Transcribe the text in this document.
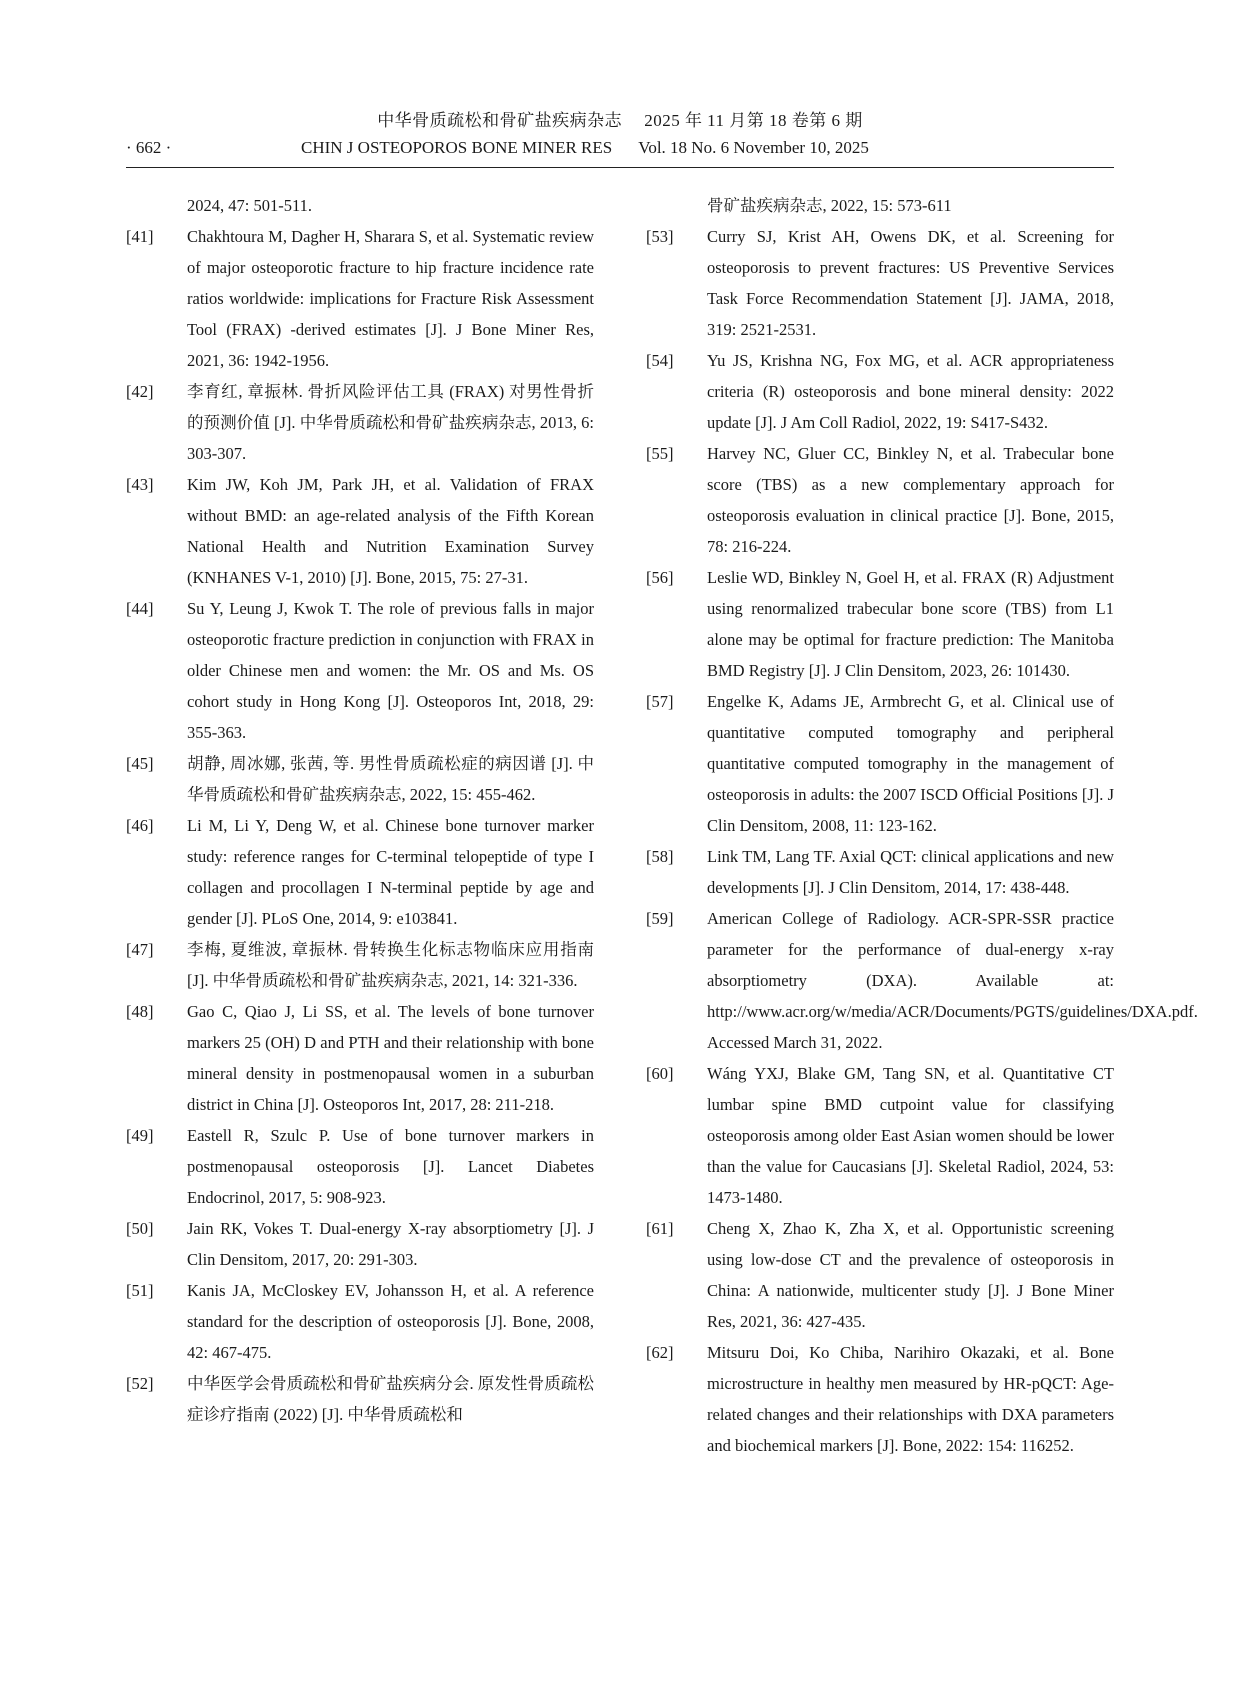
中华骨质疏松和骨矿盐疾病杂志 2025 年 11 月第 18 卷第 6 期
· 662 ·	CHIN J OSTEOPOROS BONE MINER RES Vol. 18 No. 6 November 10, 2025
2024, 47: 501-511.
[41] Chakhtoura M, Dagher H, Sharara S, et al. Systematic review of major osteoporotic fracture to hip fracture incidence rate ratios worldwide: implications for Fracture Risk Assessment Tool (FRAX) -derived estimates [J]. J Bone Miner Res, 2021, 36: 1942-1956.
[42] 李育红, 章振林. 骨折风险评估工具 (FRAX) 对男性骨折的预测价值 [J]. 中华骨质疏松和骨矿盐疾病杂志, 2013, 6: 303-307.
[43] Kim JW, Koh JM, Park JH, et al. Validation of FRAX without BMD: an age-related analysis of the Fifth Korean National Health and Nutrition Examination Survey (KNHANES V-1, 2010) [J]. Bone, 2015, 75: 27-31.
[44] Su Y, Leung J, Kwok T. The role of previous falls in major osteoporotic fracture prediction in conjunction with FRAX in older Chinese men and women: the Mr. OS and Ms. OS cohort study in Hong Kong [J]. Osteoporos Int, 2018, 29: 355-363.
[45] 胡静, 周冰娜, 张茜, 等. 男性骨质疏松症的病因谱 [J]. 中华骨质疏松和骨矿盐疾病杂志, 2022, 15: 455-462.
[46] Li M, Li Y, Deng W, et al. Chinese bone turnover marker study: reference ranges for C-terminal telopeptide of type I collagen and procollagen I N-terminal peptide by age and gender [J]. PLoS One, 2014, 9: e103841.
[47] 李梅, 夏维波, 章振林. 骨转换生化标志物临床应用指南 [J]. 中华骨质疏松和骨矿盐疾病杂志, 2021, 14: 321-336.
[48] Gao C, Qiao J, Li SS, et al. The levels of bone turnover markers 25 (OH) D and PTH and their relationship with bone mineral density in postmenopausal women in a suburban district in China [J]. Osteoporos Int, 2017, 28: 211-218.
[49] Eastell R, Szulc P. Use of bone turnover markers in postmenopausal osteoporosis [J]. Lancet Diabetes Endocrinol, 2017, 5: 908-923.
[50] Jain RK, Vokes T. Dual-energy X-ray absorptiometry [J]. J Clin Densitom, 2017, 20: 291-303.
[51] Kanis JA, McCloskey EV, Johansson H, et al. A reference standard for the description of osteoporosis [J]. Bone, 2008, 42: 467-475.
[52] 中华医学会骨质疏松和骨矿盐疾病分会. 原发性骨质疏松症诊疗指南 (2022) [J]. 中华骨质疏松和
骨矿盐疾病杂志, 2022, 15: 573-611
[53] Curry SJ, Krist AH, Owens DK, et al. Screening for osteoporosis to prevent fractures: US Preventive Services Task Force Recommendation Statement [J]. JAMA, 2018, 319: 2521-2531.
[54] Yu JS, Krishna NG, Fox MG, et al. ACR appropriateness criteria (R) osteoporosis and bone mineral density: 2022 update [J]. J Am Coll Radiol, 2022, 19: S417-S432.
[55] Harvey NC, Gluer CC, Binkley N, et al. Trabecular bone score (TBS) as a new complementary approach for osteoporosis evaluation in clinical practice [J]. Bone, 2015, 78: 216-224.
[56] Leslie WD, Binkley N, Goel H, et al. FRAX (R) Adjustment using renormalized trabecular bone score (TBS) from L1 alone may be optimal for fracture prediction: The Manitoba BMD Registry [J]. J Clin Densitom, 2023, 26: 101430.
[57] Engelke K, Adams JE, Armbrecht G, et al. Clinical use of quantitative computed tomography and peripheral quantitative computed tomography in the management of osteoporosis in adults: the 2007 ISCD Official Positions [J]. J Clin Densitom, 2008, 11: 123-162.
[58] Link TM, Lang TF. Axial QCT: clinical applications and new developments [J]. J Clin Densitom, 2014, 17: 438-448.
[59] American College of Radiology. ACR-SPR-SSR practice parameter for the performance of dual-energy x-ray absorptiometry (DXA). Available at: http://www.acr.org/w/media/ACR/Documents/PGTS/guidelines/DXA.pdf. Accessed March 31, 2022.
[60] Wáng YXJ, Blake GM, Tang SN, et al. Quantitative CT lumbar spine BMD cutpoint value for classifying osteoporosis among older East Asian women should be lower than the value for Caucasians [J]. Skeletal Radiol, 2024, 53: 1473-1480.
[61] Cheng X, Zhao K, Zha X, et al. Opportunistic screening using low-dose CT and the prevalence of osteoporosis in China: A nationwide, multicenter study [J]. J Bone Miner Res, 2021, 36: 427-435.
[62] Mitsuru Doi, Ko Chiba, Narihiro Okazaki, et al. Bone microstructure in healthy men measured by HR-pQCT: Age-related changes and their relationships with DXA parameters and biochemical markers [J]. Bone, 2022: 154: 116252.
